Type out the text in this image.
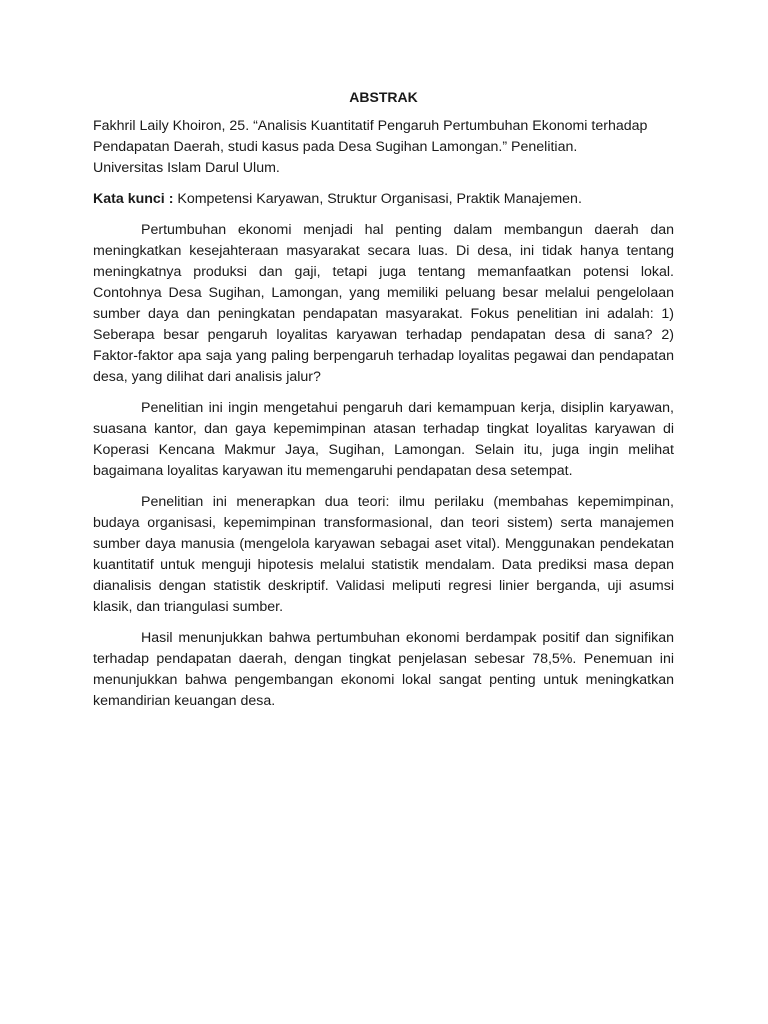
ABSTRAK
Fakhril Laily Khoiron, 25. “Analisis Kuantitatif Pengaruh Pertumbuhan Ekonomi terhadap
Pendapatan Daerah, studi kasus pada Desa Sugihan Lamongan.” Penelitian.
Universitas Islam Darul Ulum.
Kata kunci : Kompetensi Karyawan, Struktur Organisasi, Praktik Manajemen.

Pertumbuhan ekonomi menjadi hal penting dalam membangun daerah dan meningkatkan kesejahteraan masyarakat secara luas. Di desa, ini tidak hanya tentang meningkatnya produksi dan gaji, tetapi juga tentang memanfaatkan potensi lokal. Contohnya Desa Sugihan, Lamongan, yang memiliki peluang besar melalui pengelolaan sumber daya dan peningkatan pendapatan masyarakat. Fokus penelitian ini adalah: 1) Seberapa besar pengaruh loyalitas karyawan terhadap pendapatan desa di sana? 2) Faktor-faktor apa saja yang paling berpengaruh terhadap loyalitas pegawai dan pendapatan desa, yang dilihat dari analisis jalur?

Penelitian ini ingin mengetahui pengaruh dari kemampuan kerja, disiplin karyawan, suasana kantor, dan gaya kepemimpinan atasan terhadap tingkat loyalitas karyawan di Koperasi Kencana Makmur Jaya, Sugihan, Lamongan. Selain itu, juga ingin melihat bagaimana loyalitas karyawan itu memengaruhi pendapatan desa setempat.

Penelitian ini menerapkan dua teori: ilmu perilaku (membahas kepemimpinan, budaya organisasi, kepemimpinan transformasional, dan teori sistem) serta manajemen sumber daya manusia (mengelola karyawan sebagai aset vital). Menggunakan pendekatan kuantitatif untuk menguji hipotesis melalui statistik mendalam. Data prediksi masa depan dianalisis dengan statistik deskriptif. Validasi meliputi regresi linier berganda, uji asumsi klasik, dan triangulasi sumber.

Hasil menunjukkan bahwa pertumbuhan ekonomi berdampak positif dan signifikan terhadap pendapatan daerah, dengan tingkat penjelasan sebesar 78,5%. Penemuan ini menunjukkan bahwa pengembangan ekonomi lokal sangat penting untuk meningkatkan kemandirian keuangan desa.
